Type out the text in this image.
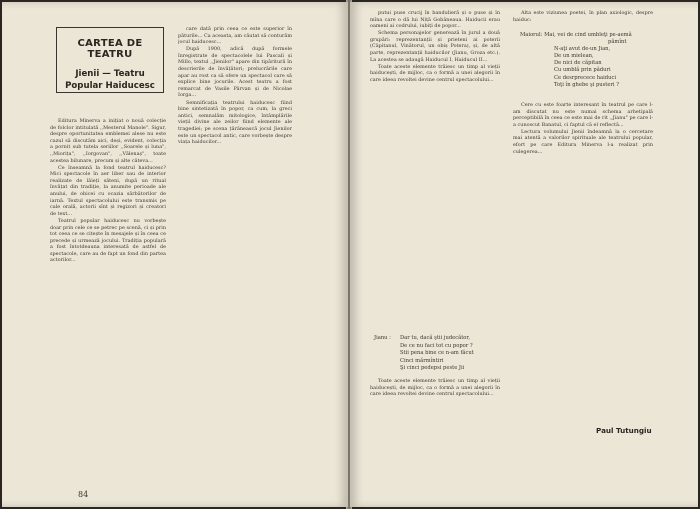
CARTEA DE TEATRU
Jienii — Teatru
Popular Haiducesc

Editura Minerva a inițiat o nouă colecție de folclor intitulată ,,Mesterul Manole". Sigur, despre oportunitatea emblemei alese nu este cazul să discutăm aici, deși, evident, colecția a pornit sub tutela seriilor ,,Soarele și luna", ,,Miorița", ,,Iorgovan", ,,Vălenaș", toate acestea bilunare, precum și alte câteva...

Ce înseamnă la fond teatrul haiducesc? Mici spectacole în aer liber sau de interior realizate de lăieți săteni, după un ritual învățat din tradiție, la anumite perioade ale anului, de obicei cu ocazia sărbătorilor de iarnă. Textul spectacolului este transmis pe cale orală, actorii sînt și regizori și creatori de text...

Teatrul popular haiducesc nu vorbește doar prin cele ce se petrec pe scenă, ci și prin tot ceea ce se citește în mesajele și în ceea ce precede și urmează jocului. Tradiția populară a fost întotdeauna interesată de astfel de spectacole, care au de fapt un fond din partea actorilor...

care dată prin ceea ce este superior în păturile... Ca aceasta, am căutat să conturăm jocul haiducesc...

După 1900, adică după formele înregistrate de spectacolele lui Pascali și Millo, textul ,,Jienilor" apare din tipăritură în descrierile de învățători; prelucrările care apar au rost ca să ofere un spectacol care să explice bine jocurile. Acest teatru a fost remarcat de Vasile Pârvan și de Nicolae Iorga...

Semnificația teatrului haiducesc fiind bine sintetizată în popor, ca cum, la greci antici, semnalăm mitologice, întâmplările vieții divine ale zeilor fiind elemente ale tragediei; pe scena țărănească jocul Jienilor este un spectacol antic, care vorbește despre viața haiducilor...

84

putui puse crucij în bandulieră și o puse și în mîna care o dă lui Niță Gobăneaua. Haiducii erau oameni ai codrului, iubiți de popor...

Schema personajelor generează în jurul a două grupări: reprezentanții și prieteni ai poterii (Căpitanul, Vinătorul, un obiș Potera), și, de altă parte, reprezentanții haiducilor (Jianu, Groza etc.). La acestea se adaugă Haiducul I, Haiducul II...

Toate aceste elemente trăiesc un timp al vieții haiducești, de mijloc, ca o formă a unei alegorii în care ideea revoltei devine centrul spectacolului...

Jianu : Dar tu, dacă ştii judecător,
De ce nu faci tot cu popor ?
Stii pena bine ce n-am făcut
Cinci mărmîntiri
Şi cinci pedepsi peste Jii

Toate aceste elemente trăiesc un timp al vieții haiducești, de mijloc, ca o formă a unei alegorii în care ideea revoltei devine centrul spectacolului...

Alta este viziunea poetei, în plan axiologic, despre haiduc:

Maiorul: Mai, vei de cind umbleţi pe-aemă
pămînt
N-aţi avut de-un Jian,
De un mielean,
De nici de căpitan
Cu umblă prin păduri
Ce desrprecece haiduci
Toţi în ghebe şi pusteri ?

Cere cu este foarte interesant în teatrul pe care l-am discutat nu este numai schema arhetipală perceptibilă în ceea ce este mai de rit ,,Jianu" pe care l-a cunoscut Banatul, ci faptul că el reflectă...

Lectura volumului Jienii îndeamnă la o cercetare mai atentă a valorilor spirituale ale teatrului popular, efort pe care Editura Minerva l-a realizat prin culegerea...

Paul Tutungiu
